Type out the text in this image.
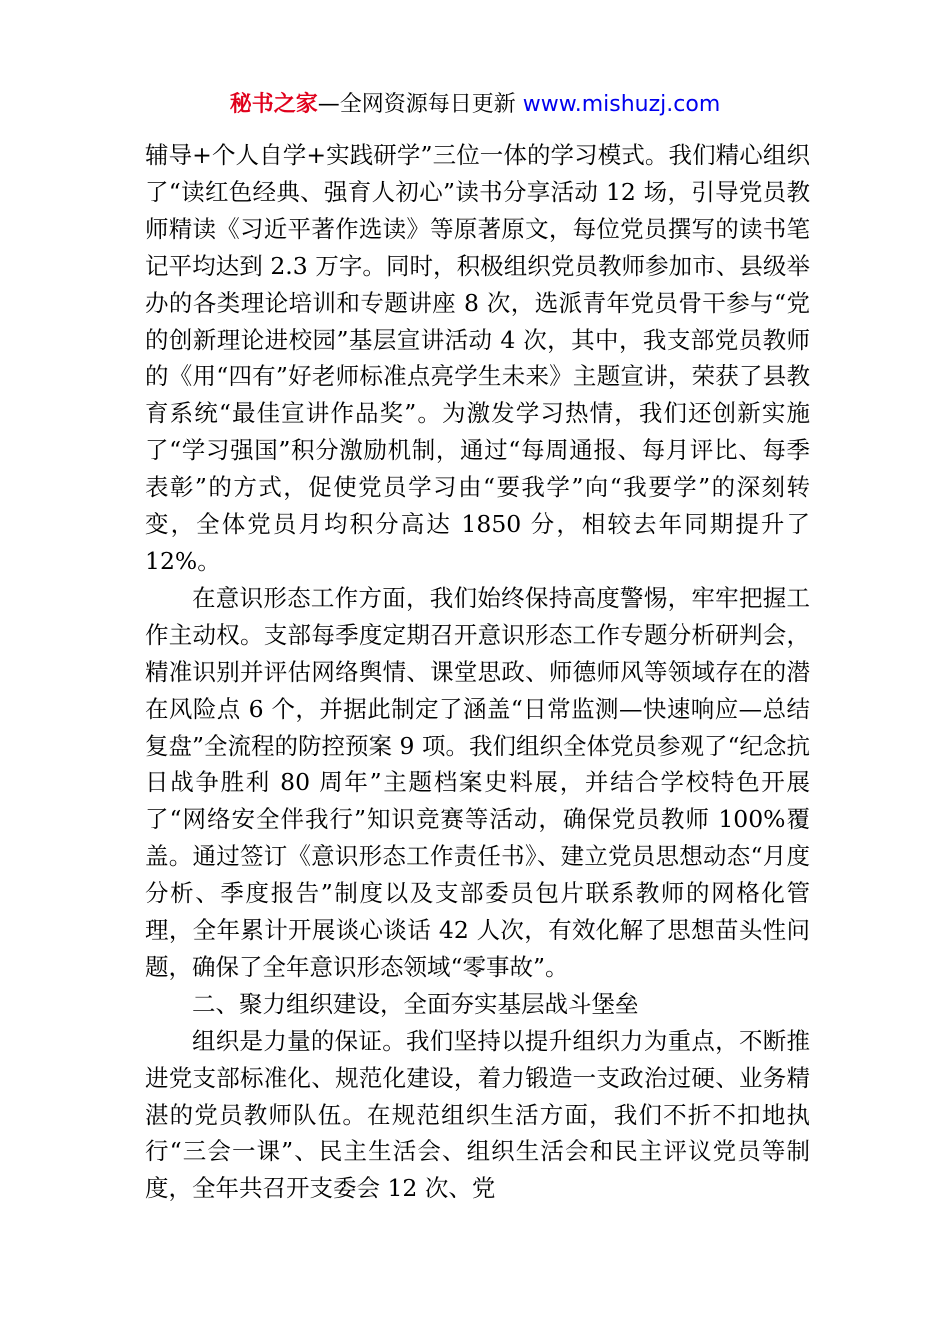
秘书之家—全网资源每日更新 www.mishuzj.com

辅导+个人自学+实践研学”三位一体的学习模式。我们精心组织了“读红色经典、强育人初心”读书分享活动 12 场，引导党员教师精读《习近平著作选读》等原著原文，每位党员撰写的读书笔记平均达到 2.3 万字。同时，积极组织党员教师参加市、县级举办的各类理论培训和专题讲座 8 次，选派青年党员骨干参与“党的创新理论进校园”基层宣讲活动 4 次，其中，我支部党员教师的《用“四有”好老师标准点亮学生未来》主题宣讲，荣获了县教育系统“最佳宣讲作品奖”。为激发学习热情，我们还创新实施了“学习强国”积分激励机制，通过“每周通报、每月评比、每季表彰”的方式，促使党员学习由“要我学”向“我要学”的深刻转变，全体党员月均积分高达 1850 分，相较去年同期提升了 12%。

在意识形态工作方面，我们始终保持高度警惕，牢牢把握工作主动权。支部每季度定期召开意识形态工作专题分析研判会，精准识别并评估网络舆情、课堂思政、师德师风等领域存在的潜在风险点 6 个，并据此制定了涵盖“日常监测—快速响应—总结复盘”全流程的防控预案 9 项。我们组织全体党员参观了“纪念抗日战争胜利 80 周年”主题档案史料展，并结合学校特色开展了“网络安全伴我行”知识竞赛等活动，确保党员教师 100%覆盖。通过签订《意识形态工作责任书》、建立党员思想动态“月度分析、季度报告”制度以及支部委员包片联系教师的网格化管理，全年累计开展谈心谈话 42 人次，有效化解了思想苗头性问题，确保了全年意识形态领域“零事故”。

二、聚力组织建设，全面夯实基层战斗堡垒

组织是力量的保证。我们坚持以提升组织力为重点，不断推进党支部标准化、规范化建设，着力锻造一支政治过硬、业务精湛的党员教师队伍。在规范组织生活方面，我们不折不扣地执行“三会一课”、民主生活会、组织生活会和民主评议党员等制度，全年共召开支委会 12 次、党
